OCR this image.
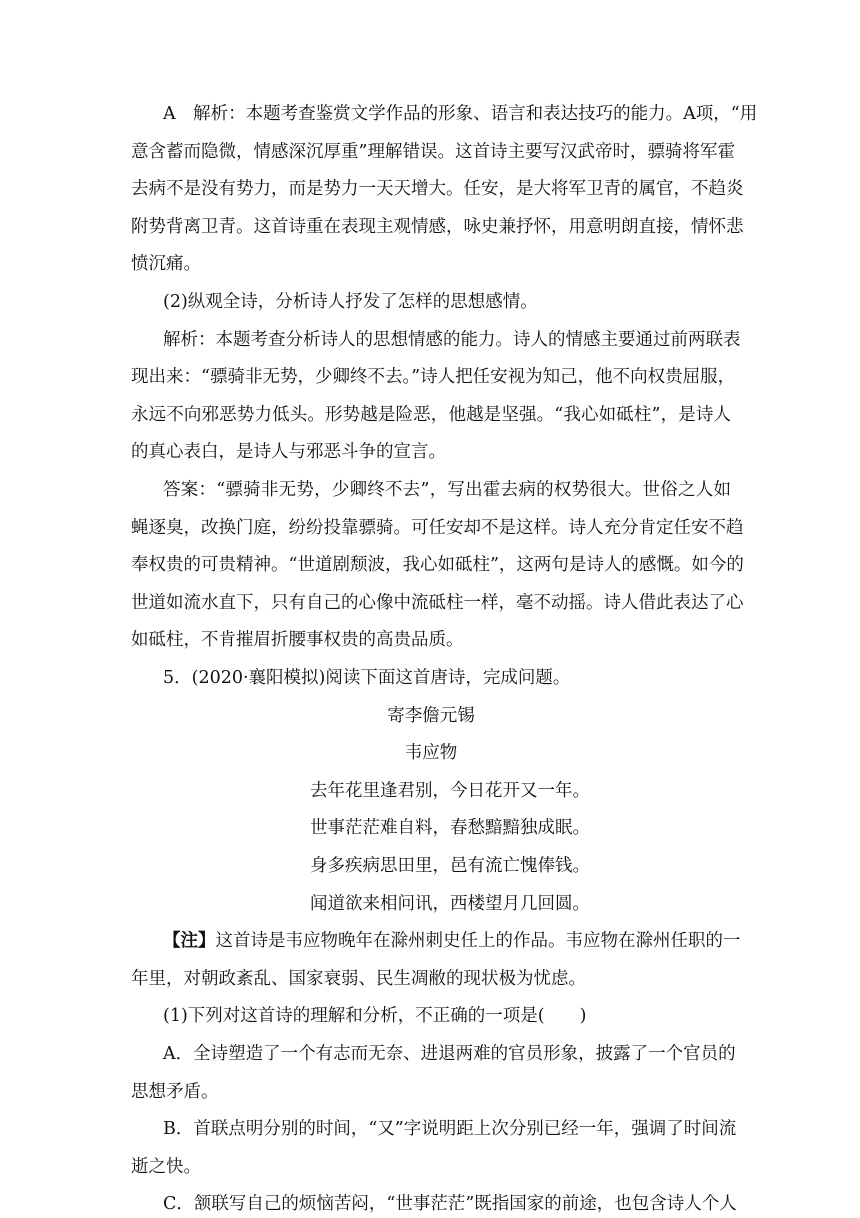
A　解析：本题考查鉴赏文学作品的形象、语言和表达技巧的能力。A项，“用
意含蓄而隐微，情感深沉厚重”理解错误。这首诗主要写汉武帝时，骠骑将军霍
去病不是没有势力，而是势力一天天增大。任安，是大将军卫青的属官，不趋炎
附势背离卫青。这首诗重在表现主观情感，咏史兼抒怀，用意明朗直接，情怀悲
愤沉痛。
(2)纵观全诗，分析诗人抒发了怎样的思想感情。
解析：本题考查分析诗人的思想情感的能力。诗人的情感主要通过前两联表
现出来：“骠骑非无势，少卿终不去。”诗人把任安视为知己，他不向权贵屈服，
永远不向邪恶势力低头。形势越是险恶，他越是坚强。“我心如砥柱”，是诗人
的真心表白，是诗人与邪恶斗争的宣言。
答案：“骠骑非无势，少卿终不去”，写出霍去病的权势很大。世俗之人如
蝇逐臭，改换门庭，纷纷投靠骠骑。可任安却不是这样。诗人充分肯定任安不趋
奉权贵的可贵精神。“世道剧颓波，我心如砥柱”，这两句是诗人的感慨。如今的
世道如流水直下，只有自己的心像中流砥柱一样，毫不动摇。诗人借此表达了心
如砥柱，不肯摧眉折腰事权贵的高贵品质。
5．(2020·襄阳模拟)阅读下面这首唐诗，完成问题。
寄李儋元锡
韦应物
去年花里逢君别，今日花开又一年。
世事茫茫难自料，春愁黯黯独成眠。
身多疾病思田里，邑有流亡愧俸钱。
闻道欲来相问讯，西楼望月几回圆。
【注】这首诗是韦应物晚年在滁州刺史任上的作品。韦应物在滁州任职的一
年里，对朝政紊乱、国家衰弱、民生凋敝的现状极为忧虑。
(1)下列对这首诗的理解和分析，不正确的一项是(　　)
A．全诗塑造了一个有志而无奈、进退两难的官员形象，披露了一个官员的
思想矛盾。
B．首联点明分别的时间，“又”字说明距上次分别已经一年，强调了时间流
逝之快。
C．颔联写自己的烦恼苦闷，“世事茫茫”既指国家的前途，也包含诗人个人
